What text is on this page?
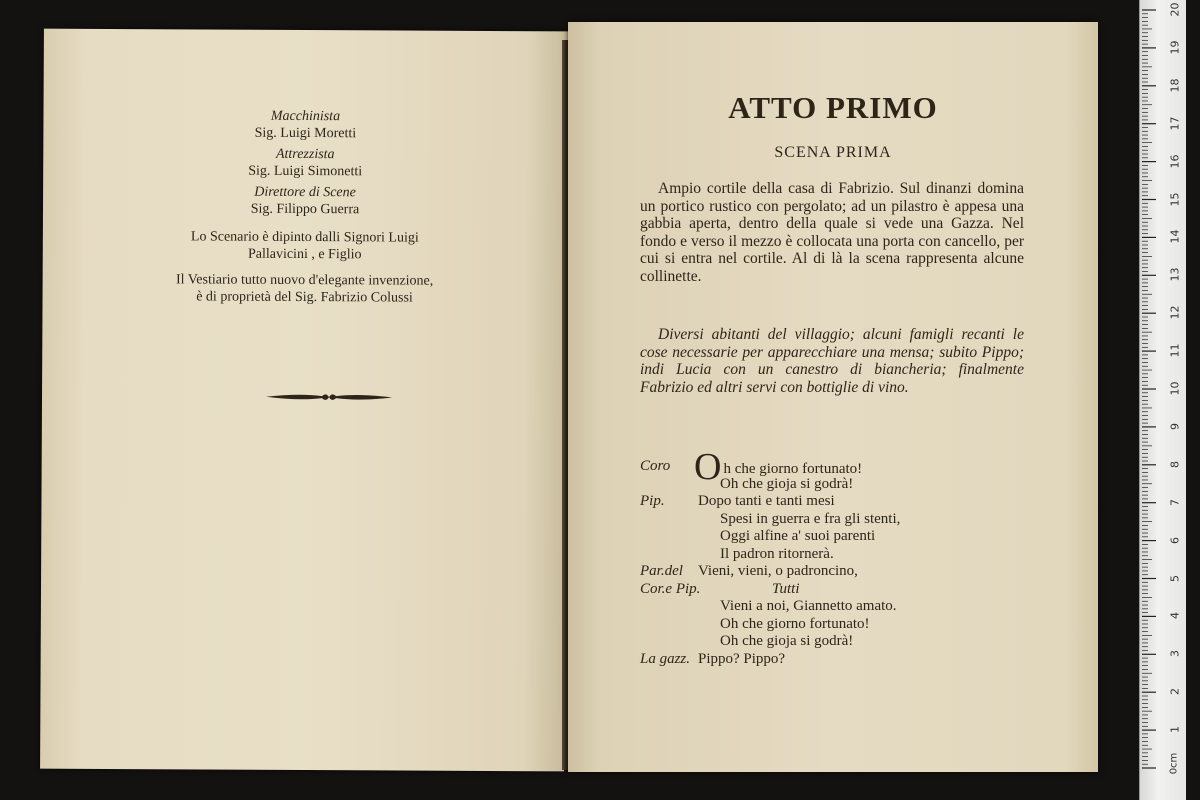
Macchinista
Sig. Luigi Moretti
Attrezzista
Sig. Luigi Simonetti
Direttore di Scene
Sig. Filippo Guerra
Lo Scenario è dipinto dalli Signori Luigi
Pallavicini , e Figlio
Il Vestiario tutto nuovo d'elegante invenzione,
è di proprietà del Sig. Fabrizio Colussi
ATTO PRIMO
SCENA PRIMA

Ampio cortile della casa di Fabrizio. Sul dinanzi domina un portico rustico con pergolato; ad un pilastro è appesa una gabbia aperta, dentro della quale si vede una Gazza. Nel fondo e verso il mezzo è collocata una porta con cancello, per cui si entra nel cortile. Al di là la scena rappresenta alcune collinette.

Diversi abitanti del villaggio; alcuni famigli recanti le cose necessarie per apparecchiare una mensa; subito Pippo; indi Lucia con un canestro di biancheria; finalmente Fabrizio ed altri servi con bottiglie di vino.

Coro Oh che giorno fortunato!
Oh che gioja si godrà!
Pip. Dopo tanti e tanti mesi
Spesi in guerra e fra gli stenti,
Oggi alfine a' suoi parenti
Il padron ritornerà.
Par.del Vieni, vieni, o padroncino,
Cor.e Pip.	Tutti
Vieni a noi, Giannetto amato.
Oh che giorno fortunato!
Oh che gioja si godrà!
La gazz. Pippo? Pippo?
0cm
1
2
3
4
5
6
7
8
9
10
11
12
13
14
15
16
17
18
19
20
